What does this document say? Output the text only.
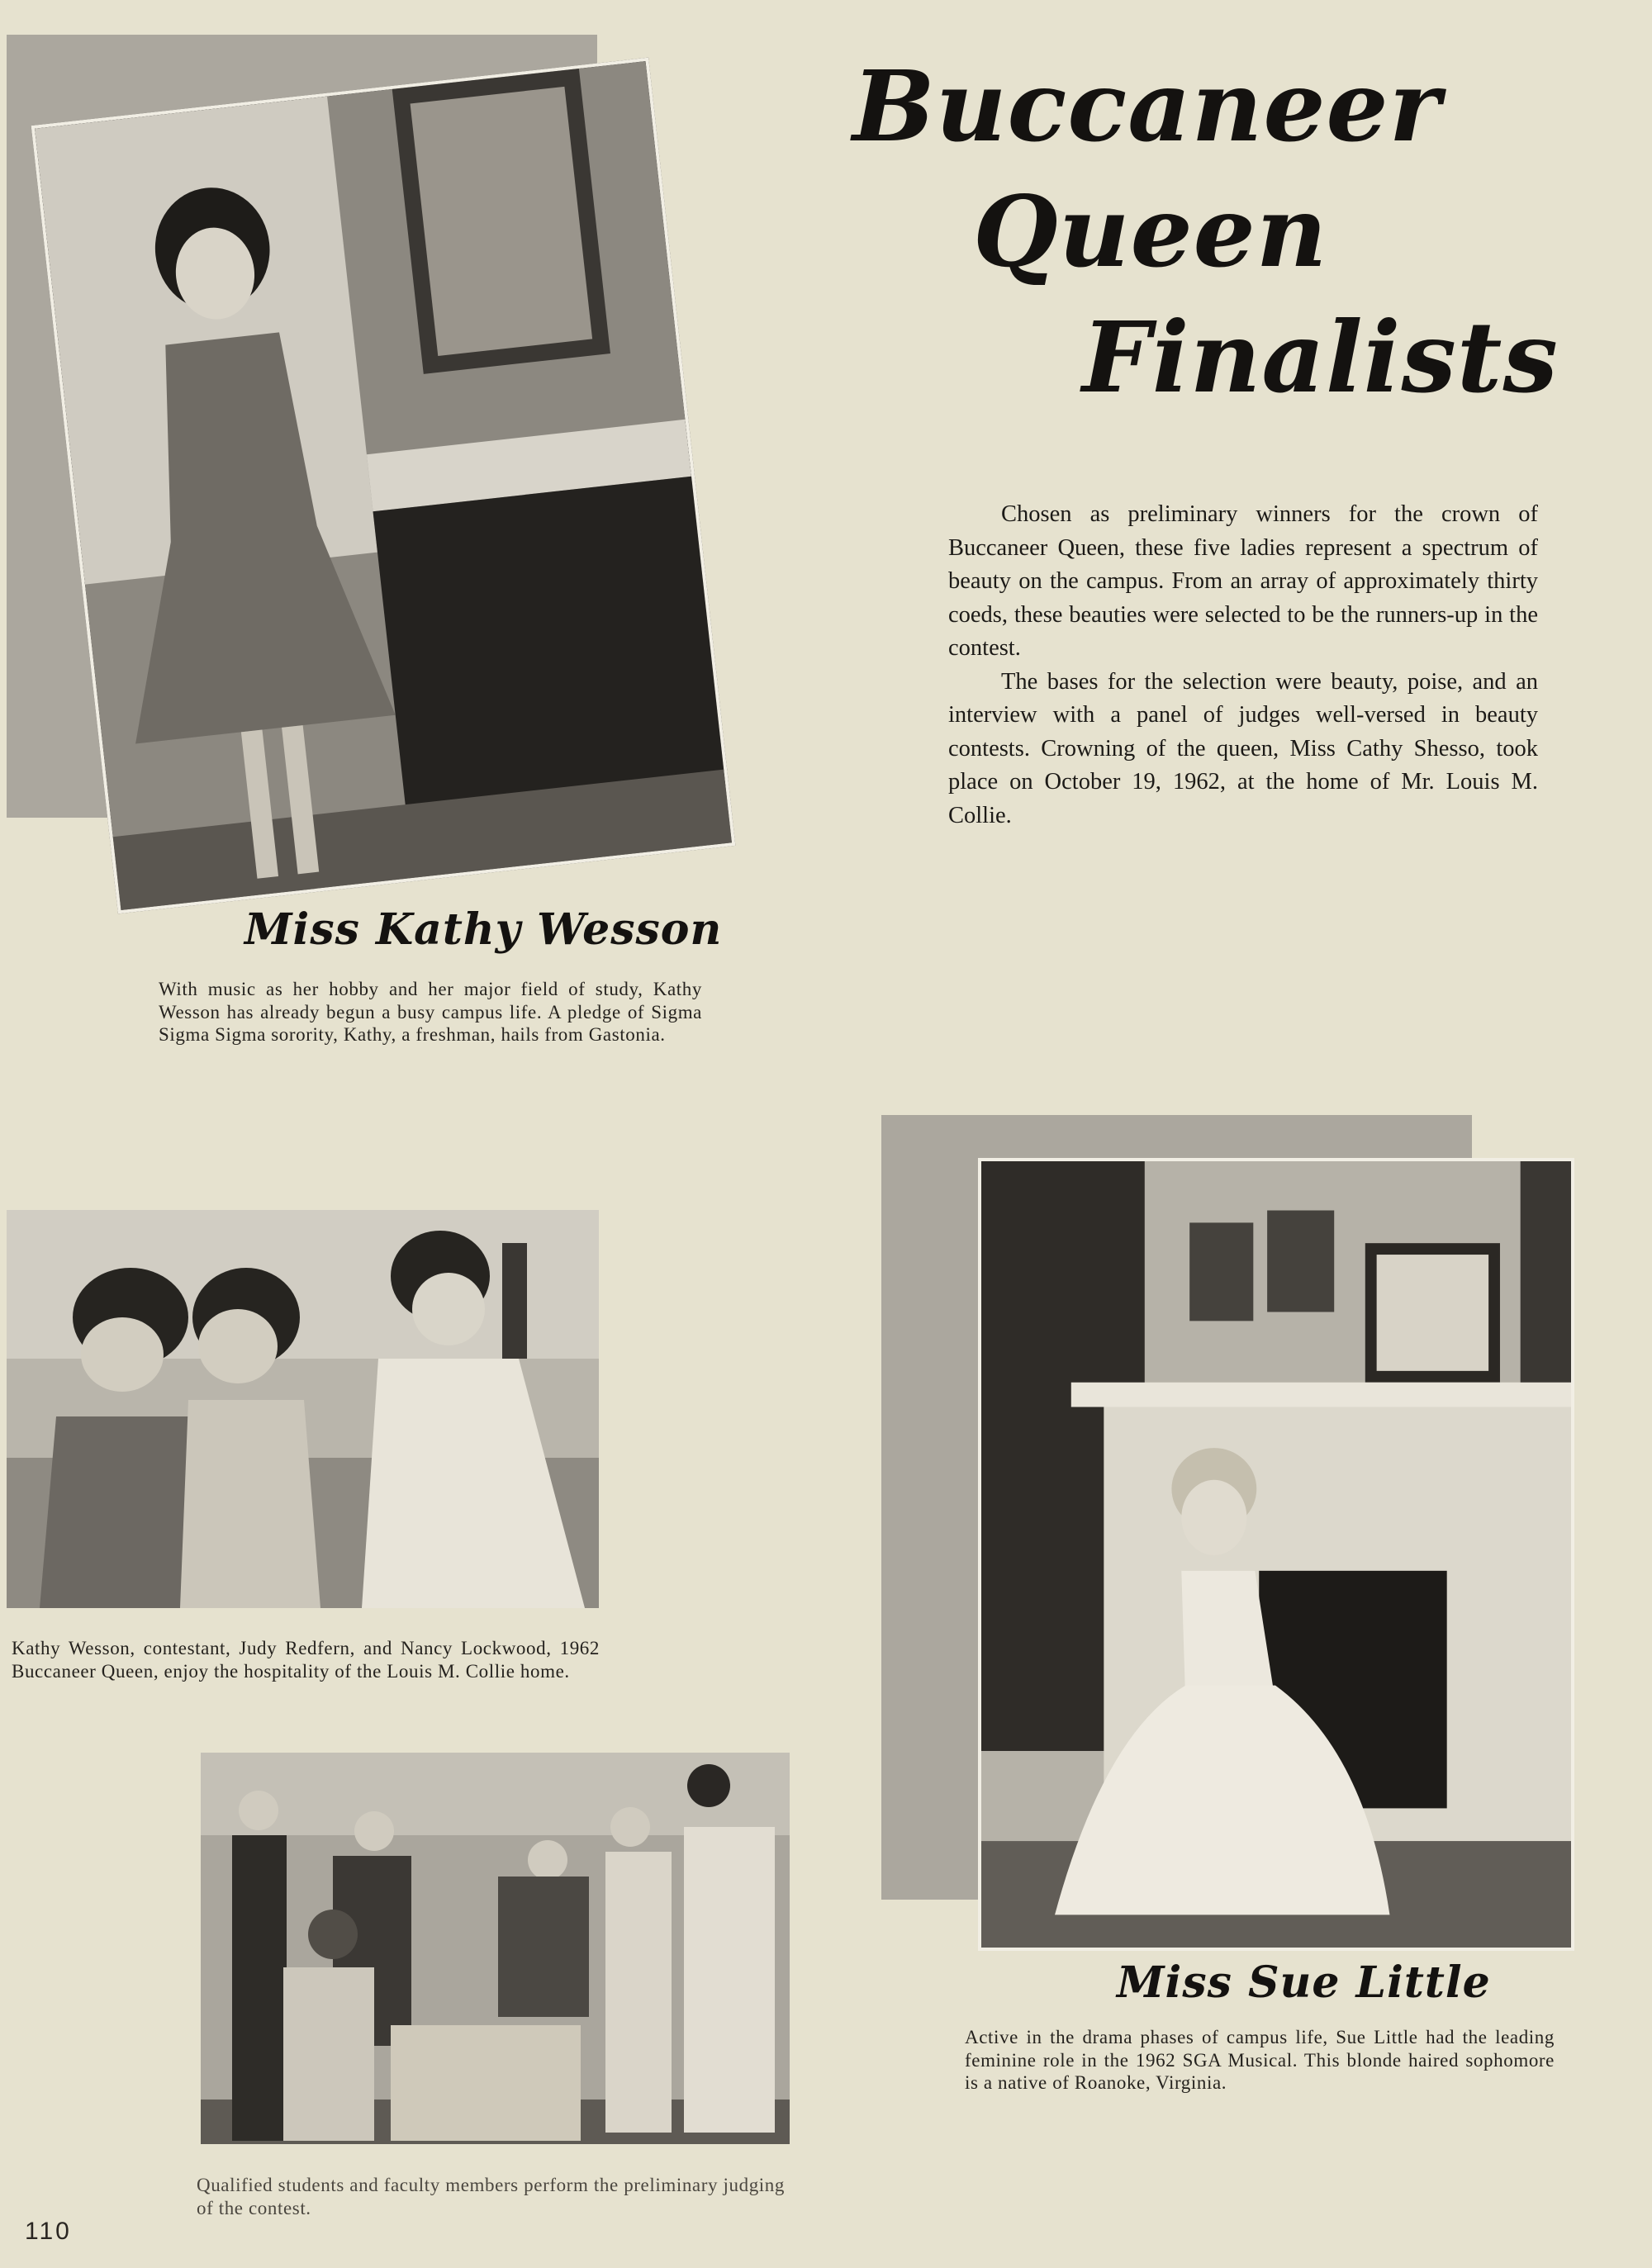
Buccaneer
Queen
Finalists

Chosen as preliminary winners for the crown of Buccaneer Queen, these five ladies represent a spectrum of beauty on the campus. From an array of approximately thirty coeds, these beauties were selected to be the runners-up in the contest.

The bases for the selection were beauty, poise, and an interview with a panel of judges well-versed in beauty contests. Crowning of the queen, Miss Cathy Shesso, took place on October 19, 1962, at the home of Mr. Louis M. Collie.

Miss Kathy Wesson
With music as her hobby and her major field of study, Kathy Wesson has already begun a busy campus life. A pledge of Sigma Sigma Sigma sorority, Kathy, a freshman, hails from Gastonia.
Kathy Wesson, contestant, Judy Redfern, and Nancy Lockwood, 1962 Buccaneer Queen, enjoy the hospitality of the Louis M. Collie home.
Qualified students and faculty members perform the preliminary judging of the contest.
Miss Sue Little
Active in the drama phases of campus life, Sue Little had the leading feminine role in the 1962 SGA Musical. This blonde haired sophomore is a native of Roanoke, Virginia.
110
